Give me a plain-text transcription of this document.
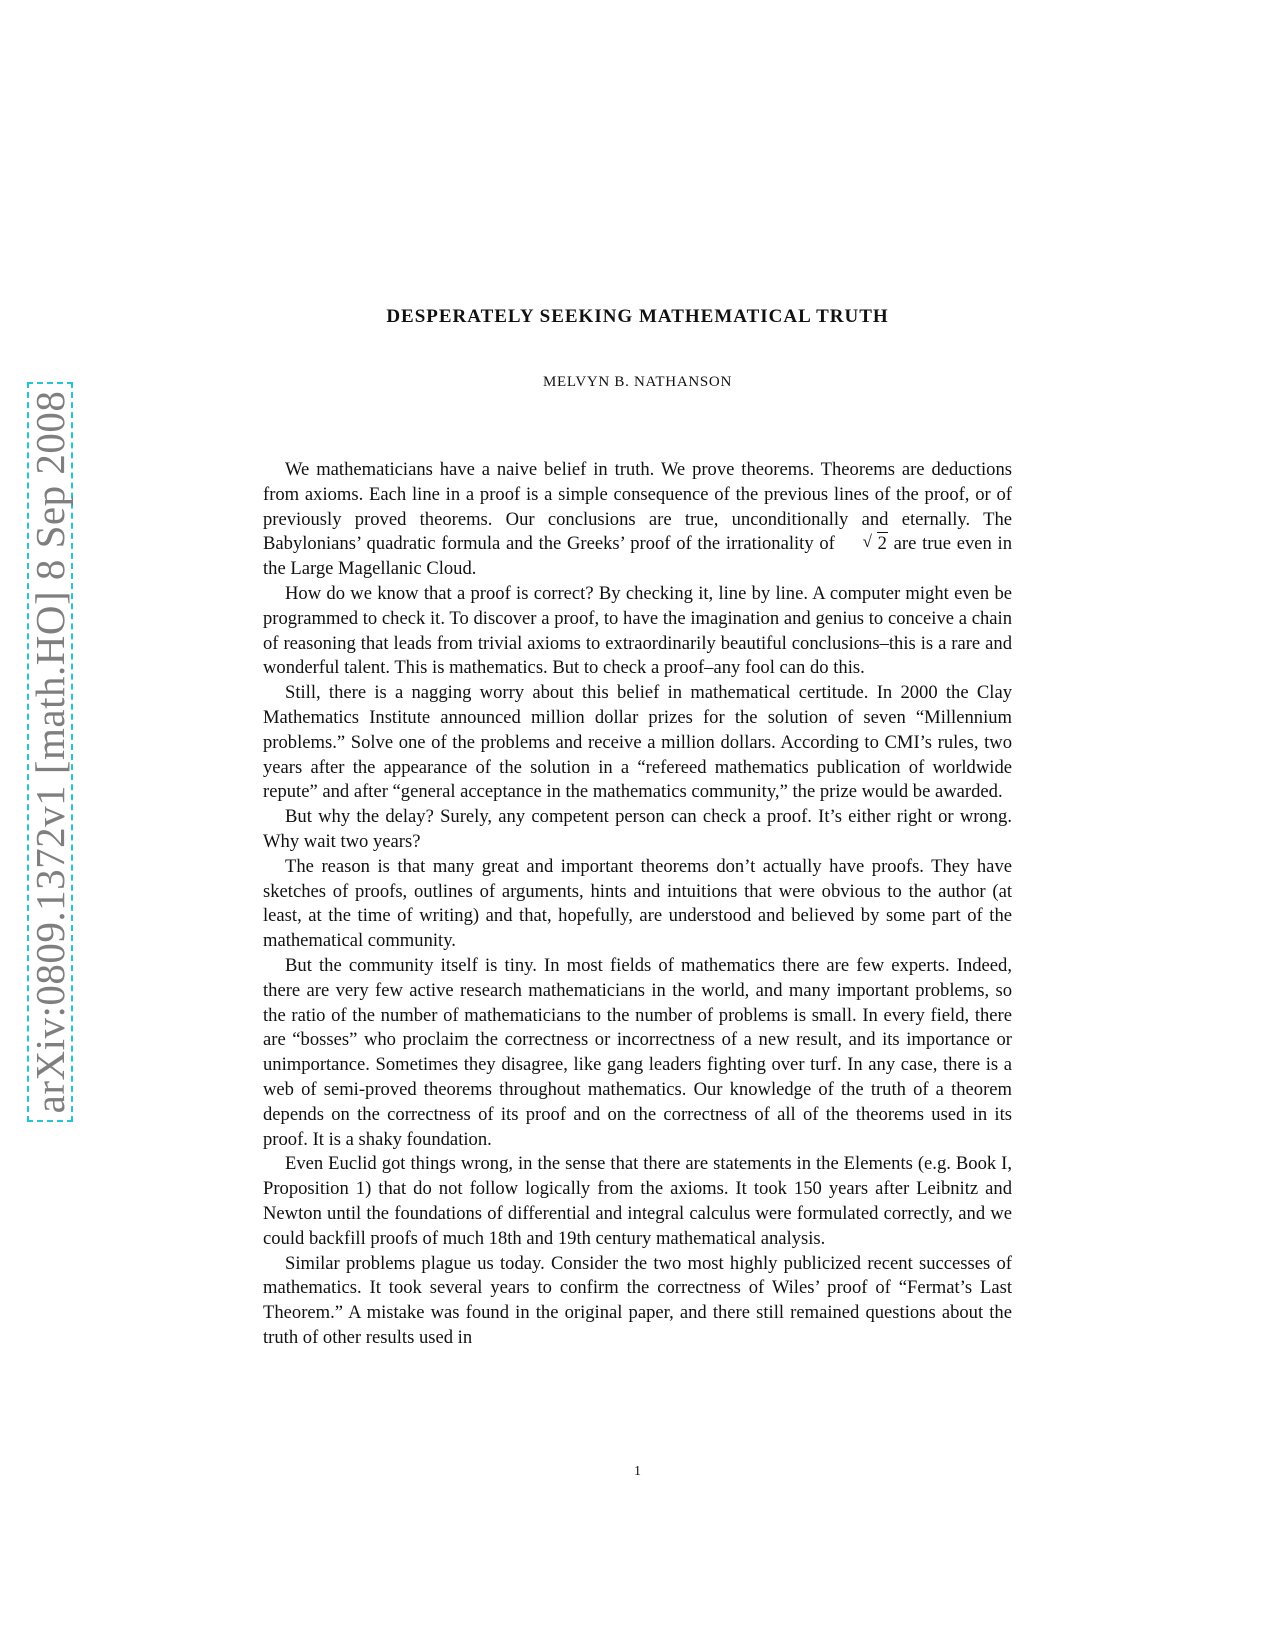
arXiv:0809.1372v1 [math.HO] 8 Sep 2008
DESPERATELY SEEKING MATHEMATICAL TRUTH
MELVYN B. NATHANSON

We mathematicians have a naive belief in truth. We prove theorems. Theorems are deductions from axioms. Each line in a proof is a simple consequence of the previous lines of the proof, or of previously proved theorems. Our conclusions are true, unconditionally and eternally. The Babylonians’ quadratic formula and the Greeks’ proof of the irrationality of	√ 2 are true even in the Large Magellanic Cloud.

How do we know that a proof is correct? By checking it, line by line. A computer might even be programmed to check it. To discover a proof, to have the imagination and genius to conceive a chain of reasoning that leads from trivial axioms to extraordinarily beautiful conclusions–this is a rare and wonderful talent. This is mathematics. But to check a proof–any fool can do this.

Still, there is a nagging worry about this belief in mathematical certitude. In 2000 the Clay Mathematics Institute announced million dollar prizes for the solution of seven “Millennium problems.” Solve one of the problems and receive a million dollars. According to CMI’s rules, two years after the appearance of the solution in a “refereed mathematics publication of worldwide repute” and after “general acceptance in the mathematics community,” the prize would be awarded.

But why the delay? Surely, any competent person can check a proof. It’s either right or wrong. Why wait two years?

The reason is that many great and important theorems don’t actually have proofs. They have sketches of proofs, outlines of arguments, hints and intuitions that were obvious to the author (at least, at the time of writing) and that, hopefully, are understood and believed by some part of the mathematical community.

But the community itself is tiny. In most fields of mathematics there are few experts. Indeed, there are very few active research mathematicians in the world, and many important problems, so the ratio of the number of mathematicians to the number of problems is small. In every field, there are “bosses” who proclaim the correctness or incorrectness of a new result, and its importance or unimportance. Sometimes they disagree, like gang leaders fighting over turf. In any case, there is a web of semi-proved theorems throughout mathematics. Our knowledge of the truth of a theorem depends on the correctness of its proof and on the correctness of all of the theorems used in its proof. It is a shaky foundation.

Even Euclid got things wrong, in the sense that there are statements in the Elements (e.g. Book I, Proposition 1) that do not follow logically from the axioms. It took 150 years after Leibnitz and Newton until the foundations of differential and integral calculus were formulated correctly, and we could backfill proofs of much 18th and 19th century mathematical analysis.

Similar problems plague us today. Consider the two most highly publicized recent successes of mathematics. It took several years to confirm the correctness of Wiles’ proof of “Fermat’s Last Theorem.” A mistake was found in the original paper, and there still remained questions about the truth of other results used in

1
